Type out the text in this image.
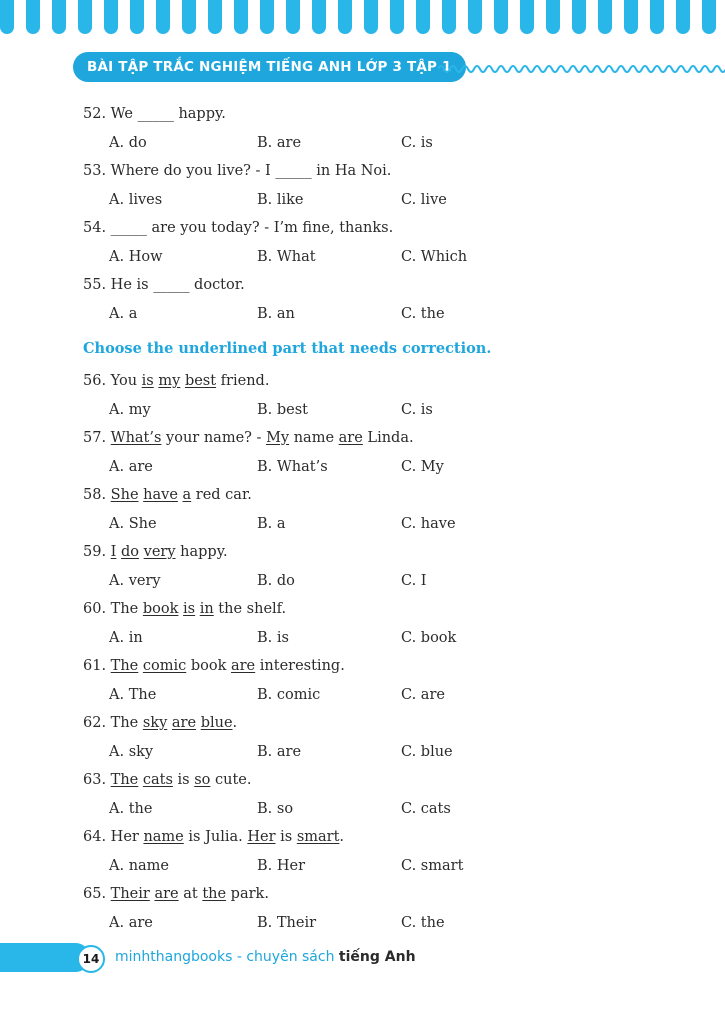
BÀI TẬP TRẮC NGHIỆM TIẾNG ANH LỚP 3 TẬP 1
52. We _____ happy.
A. do	B. are	C. is
53. Where do you live? - I _____ in Ha Noi.
A. lives	B. like	C. live
54. _____ are you today? - I’m fine, thanks.
A. How	B. What	C. Which
55. He is _____ doctor.
A. a	B. an	C. the
Choose the underlined part that needs correction.
56. You is my best friend.
A. my	B. best	C. is
57. What’s your name? - My name are Linda.
A. are	B. What’s	C. My
58. She have a red car.
A. She	B. a	C. have
59. I do very happy.
A. very	B. do	C. I
60. The book is in the shelf.
A. in	B. is	C. book
61. The comic book are interesting.
A. The	B. comic	C. are
62. The sky are blue.
A. sky	B. are	C. blue
63. The cats is so cute.
A. the	B. so	C. cats
64. Her name is Julia. Her is smart.
A. name	B. Her	C. smart
65. Their are at the park.
A. are	B. Their	C. the
14	minhthangbooks - chuyên sách tiếng Anh
